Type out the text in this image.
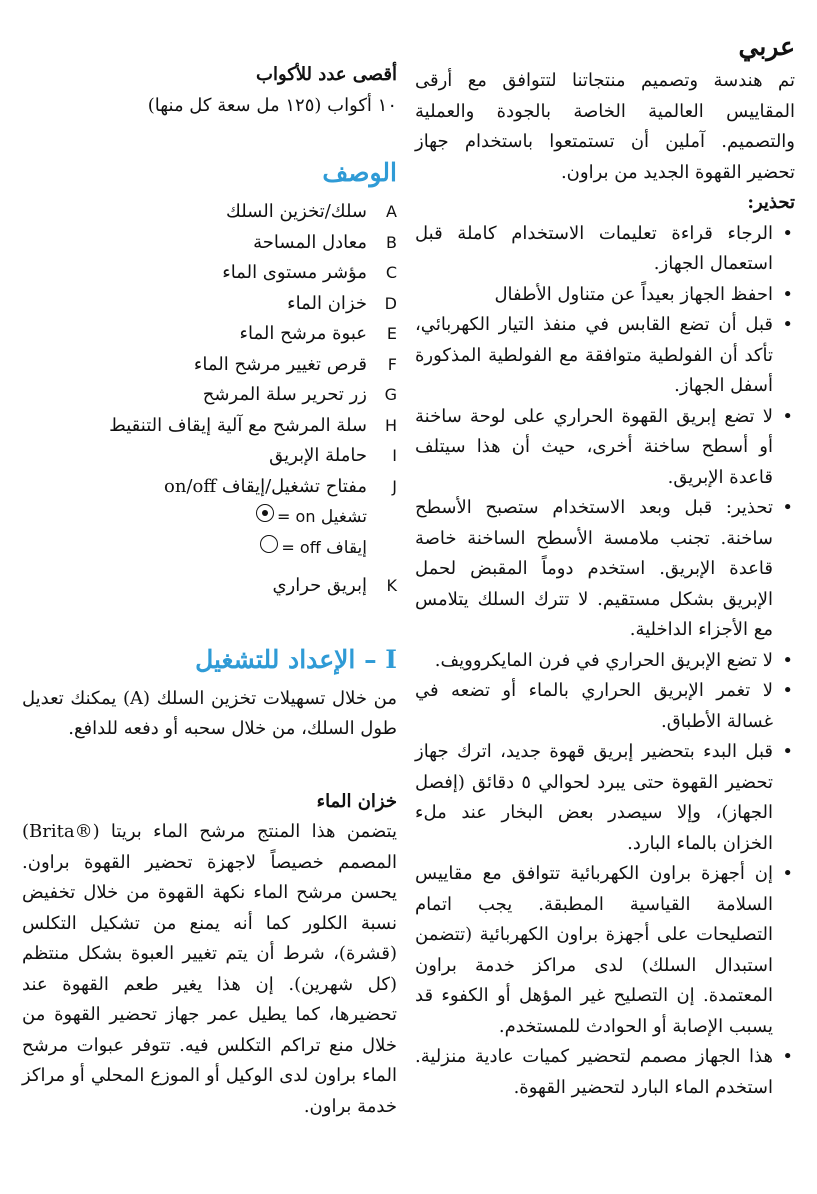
عربي

تم هندسة وتصميم منتجاتنا لتتوافق مع أرقى المقاييس العالمية الخاصة بالجودة والعملية والتصميم. آملين أن تستمتعوا باستخدام جهاز تحضير القهوة الجديد من براون.

تحذير:

• الرجاء قراءة تعليمات الاستخدام كاملة قبل استعمال الجهاز.
• احفظ الجهاز بعيداً عن متناول الأطفال
• قبل أن تضع القابس في منفذ التيار الكهربائي، تأكد أن الفولطية متوافقة مع الفولطية المذكورة أسفل الجهاز.
• لا تضع إبريق القهوة الحراري على لوحة ساخنة أو أسطح ساخنة أخرى، حيث أن هذا سيتلف قاعدة الإبريق.
• تحذير: قبل وبعد الاستخدام ستصبح الأسطح ساخنة. تجنب ملامسة الأسطح الساخنة خاصة قاعدة الإبريق. استخدم دوماً المقبض لحمل الإبريق بشكل مستقيم. لا تترك السلك يتلامس مع الأجزاء الداخلية.
• لا تضع الإبريق الحراري في فرن المايكروويف.
• لا تغمر الإبريق الحراري بالماء أو تضعه في غسالة الأطباق.
• قبل البدء بتحضير إبريق قهوة جديد، اترك جهاز تحضير القهوة حتى يبرد لحوالي ٥ دقائق (إفصل الجهاز)، وإلا سيصدر بعض البخار عند ملء الخزان بالماء البارد.
• إن أجهزة براون الكهربائية تتوافق مع مقاييس السلامة القياسية المطبقة. يجب اتمام التصليحات على أجهزة براون الكهربائية (تتضمن استبدال السلك) لدى مراكز خدمة براون المعتمدة. إن التصليح غير المؤهل أو الكفوء قد يسبب الإصابة أو الحوادث للمستخدم.
• هذا الجهاز مصمم لتحضير كميات عادية منزلية. استخدم الماء البارد لتحضير القهوة.

أقصى عدد للأكواب

١٠ أكواب (١٢٥ مل سعة كل منها)

الوصف
A
سلك/تخزين السلك
B
معادل المساحة
C
مؤشر مستوى الماء
D
خزان الماء
E
عبوة مرشح الماء
F
قرص تغيير مرشح الماء
G
زر تحرير سلة المرشح
H
سلة المرشح مع آلية إيقاف التنقيط
I
حاملة الإبريق
J
مفتاح تشغيل/إيقاف on/off
تشغيل

on =
إيقاف

off =
K
إبريق حراري
I – الإعداد للتشغيل

من خلال تسهيلات تخزين السلك (A) يمكنك تعديل طول السلك، من خلال سحبه أو دفعه للدافع.

خزان الماء

يتضمن هذا المنتج مرشح الماء بريتا (®Brita) المصمم خصيصاً لاجهزة تحضير القهوة براون. يحسن مرشح الماء نكهة القهوة من خلال تخفيض نسبة الكلور كما أنه يمنع من تشكيل التكلس (قشرة)، شرط أن يتم تغيير العبوة بشكل منتظم (كل شهرين). إن هذا يغير طعم القهوة عند تحضيرها، كما يطيل عمر جهاز تحضير القهوة من خلال منع تراكم التكلس فيه. تتوفر عبوات مرشح الماء براون لدى الوكيل أو الموزع المحلي أو مراكز خدمة براون.
